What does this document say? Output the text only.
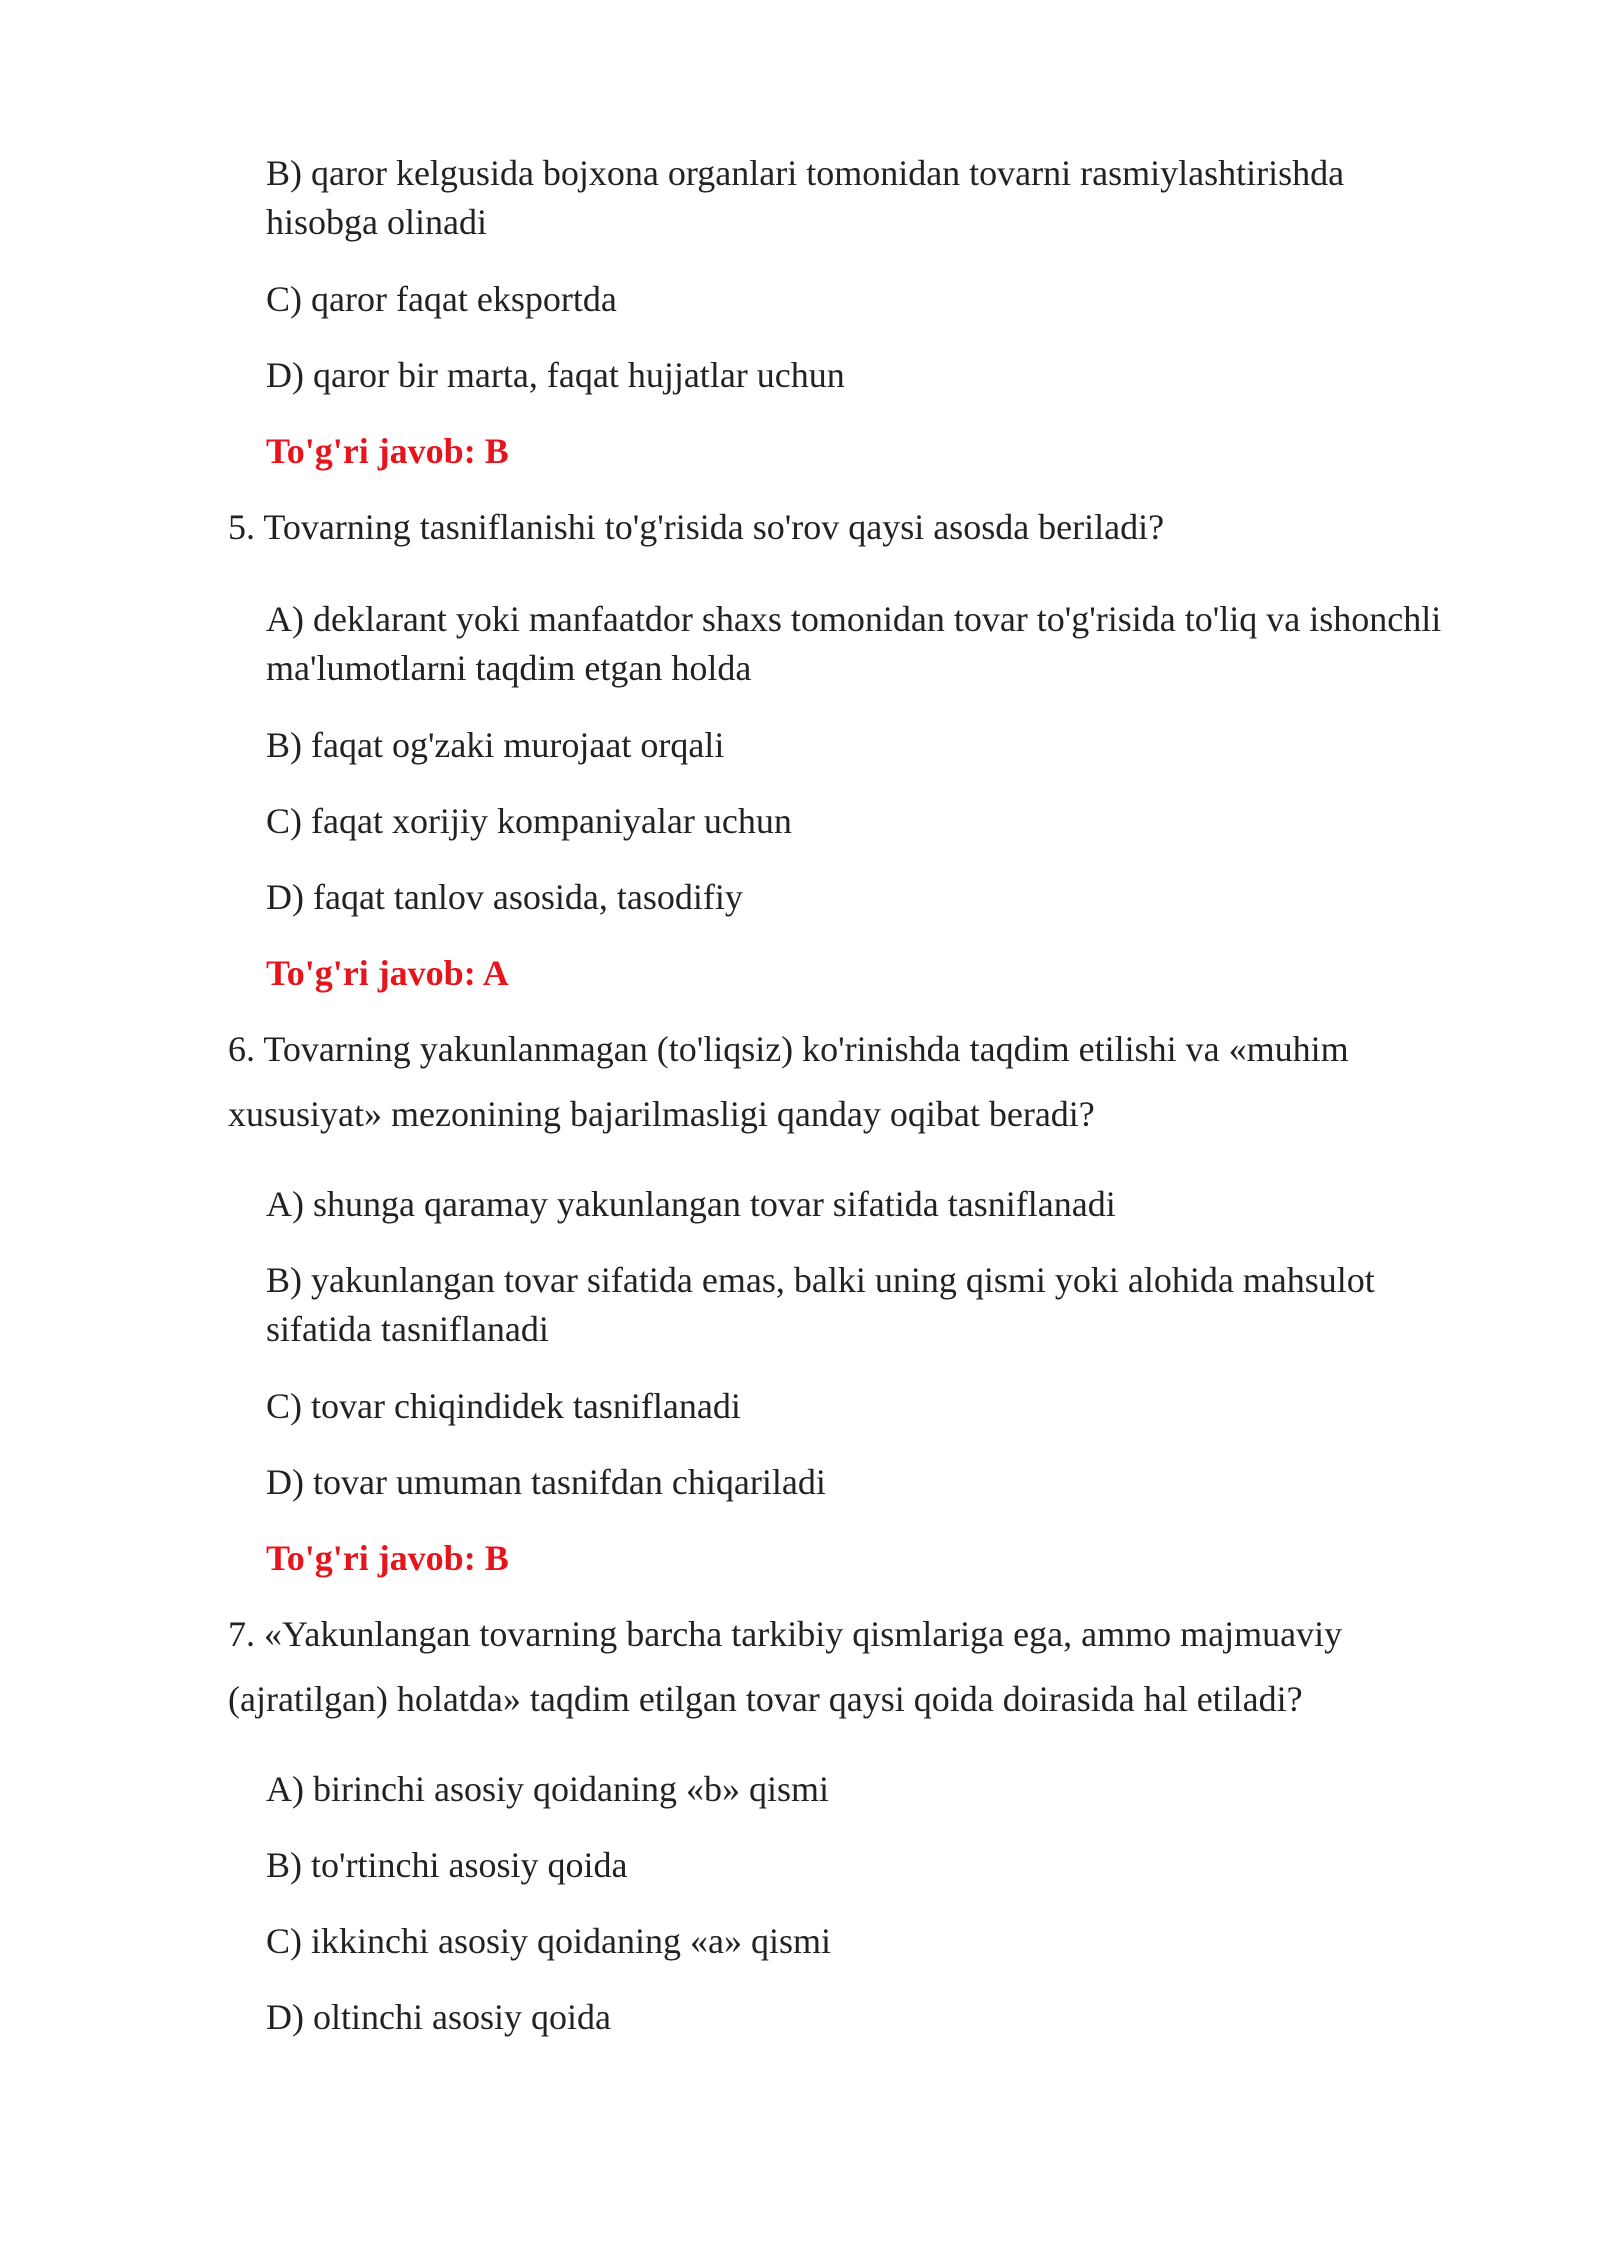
B) qaror kelgusida bojxona organlari tomonidan tovarni rasmiylashtirishda hisobga olinadi
C) qaror faqat eksportda
D) qaror bir marta, faqat hujjatlar uchun
To'g'ri javob: B
5. Tovarning tasniflanishi to'g'risida so'rov qaysi asosda beriladi?
A) deklarant yoki manfaatdor shaxs tomonidan tovar to'g'risida to'liq va ishonchli ma'lumotlarni taqdim etgan holda
B) faqat og'zaki murojaat orqali
C) faqat xorijiy kompaniyalar uchun
D) faqat tanlov asosida, tasodifiy
To'g'ri javob: A
6. Tovarning yakunlanmagan (to'liqsiz) ko'rinishda taqdim etilishi va «muhim xususiyat» mezonining bajarilmasligi qanday oqibat beradi?
A) shunga qaramay yakunlangan tovar sifatida tasniflanadi
B) yakunlangan tovar sifatida emas, balki uning qismi yoki alohida mahsulot sifatida tasniflanadi
C) tovar chiqindidek tasniflanadi
D) tovar umuman tasnifdan chiqariladi
To'g'ri javob: B
7. «Yakunlangan tovarning barcha tarkibiy qismlariga ega, ammo majmuaviy (ajratilgan) holatda» taqdim etilgan tovar qaysi qoida doirasida hal etiladi?
A) birinchi asosiy qoidaning «b» qismi
B) to'rtinchi asosiy qoida
C) ikkinchi asosiy qoidaning «a» qismi
D) oltinchi asosiy qoida
